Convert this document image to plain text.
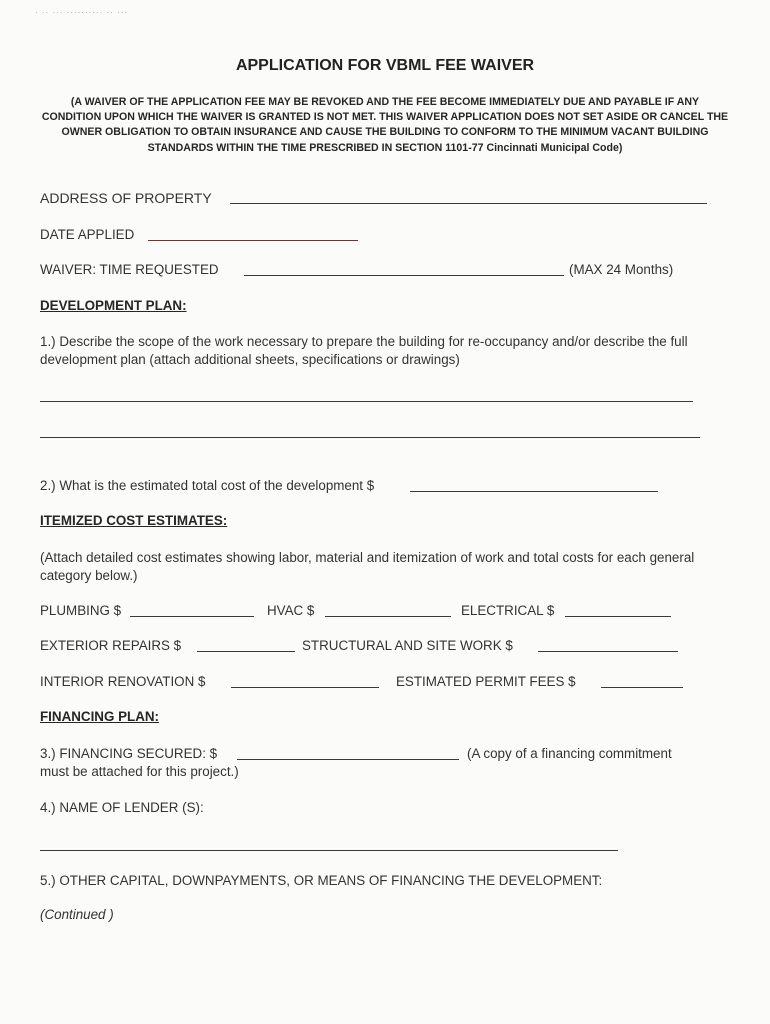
· ·· ··· ·········· ·· ···
APPLICATION FOR VBML FEE WAIVER
(A WAIVER OF THE APPLICATION FEE MAY BE REVOKED AND THE FEE BECOME IMMEDIATELY DUE AND PAYABLE IF ANY CONDITION UPON WHICH THE WAIVER IS GRANTED IS NOT MET. THIS WAIVER APPLICATION DOES NOT SET ASIDE OR CANCEL THE OWNER OBLIGATION TO OBTAIN INSURANCE AND CAUSE THE BUILDING TO CONFORM TO THE MINIMUM VACANT BUILDING STANDARDS WITHIN THE TIME PRESCRIBED IN SECTION 1101-77 Cincinnati Municipal Code)
ADDRESS OF PROPERTY
DATE APPLIED
WAIVER: TIME REQUESTED	(MAX 24 Months)
DEVELOPMENT PLAN:
1.) Describe the scope of the work necessary to prepare the building for re-occupancy and/or describe the full development plan (attach additional sheets, specifications or drawings)
2.) What is the estimated total cost of the development $
ITEMIZED COST ESTIMATES:
(Attach detailed cost estimates showing labor, material and itemization of work and total costs for each general category below.)
PLUMBING $	HVAC $	ELECTRICAL $
EXTERIOR REPAIRS $	STRUCTURAL AND SITE WORK $
INTERIOR RENOVATION $	ESTIMATED PERMIT FEES $
FINANCING PLAN:
3.) FINANCING SECURED: $	(A copy of a financing commitment
must be attached for this project.)
4.) NAME OF LENDER (S):
5.) OTHER CAPITAL, DOWNPAYMENTS, OR MEANS OF FINANCING THE DEVELOPMENT:
(Continued )
